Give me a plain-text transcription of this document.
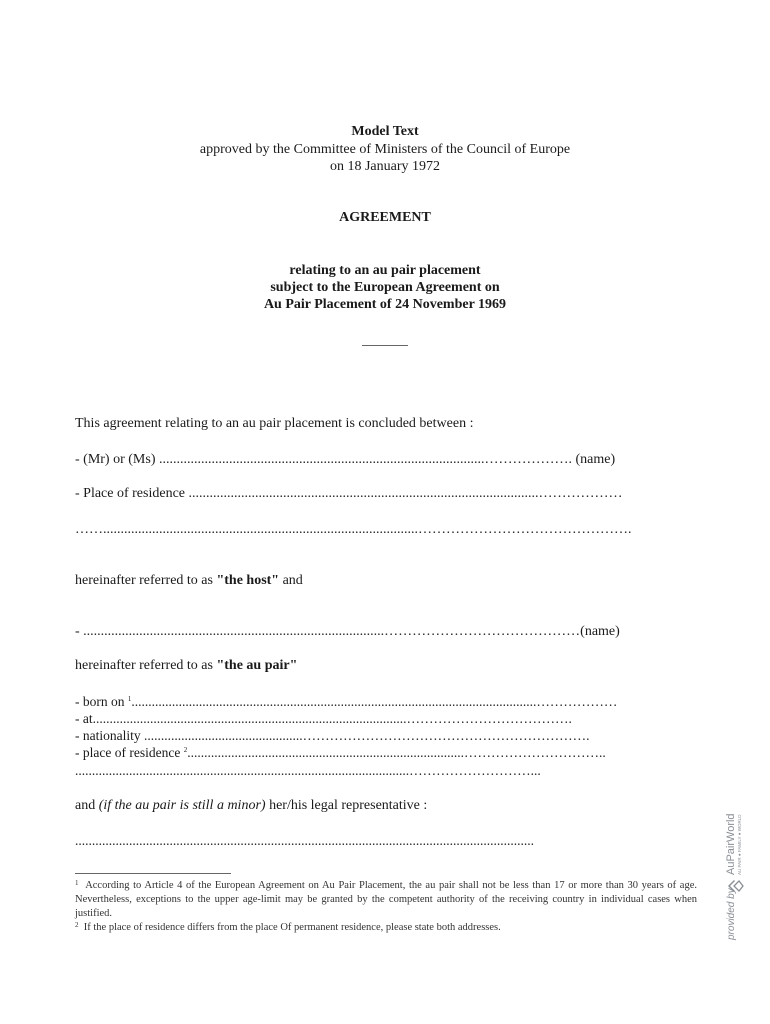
Model Text

approved by the Committee of Ministers of the Council of Europe

on 18 January 1972

AGREEMENT

relating to an au pair placement

subject to the European Agreement on

Au Pair Placement of 24 November 1969

This agreement relating to an au pair placement is concluded between :

- (Mr) or (Ms) .............................................................................................………………. (name)

- Place of residence ....................................................................................................………………

……..........................................................................................……………………………………….

hereinafter referred to as "the host" and

- ......................................................................................……………………………………(name)

hereinafter referred to as "the au pair"

- born on $^1$........................................................................................................................………………

- at.............................................................................................……………………………….

- nationality ...............................................……………………………………………………….

- place of residence $^2$..................................................................................…………………………..

...................................................................................................………………………...

and (if the au pair is still a minor) her/his legal representative :

........................................................................................................................................

$^1$ According to Article 4 of the European Agreement on Au Pair Placement, the au pair shall not be less than 17 or more than 30 years of age. Nevertheless, exceptions to the upper age-limit may be granted by the competent authority of the receiving country in individual cases when justified.

$^2$ If the place of residence differs from the place Of permanent residence, please state both addresses.	provided by
AuPairWorld AU PAIR ● FAMILY ● WORLD
